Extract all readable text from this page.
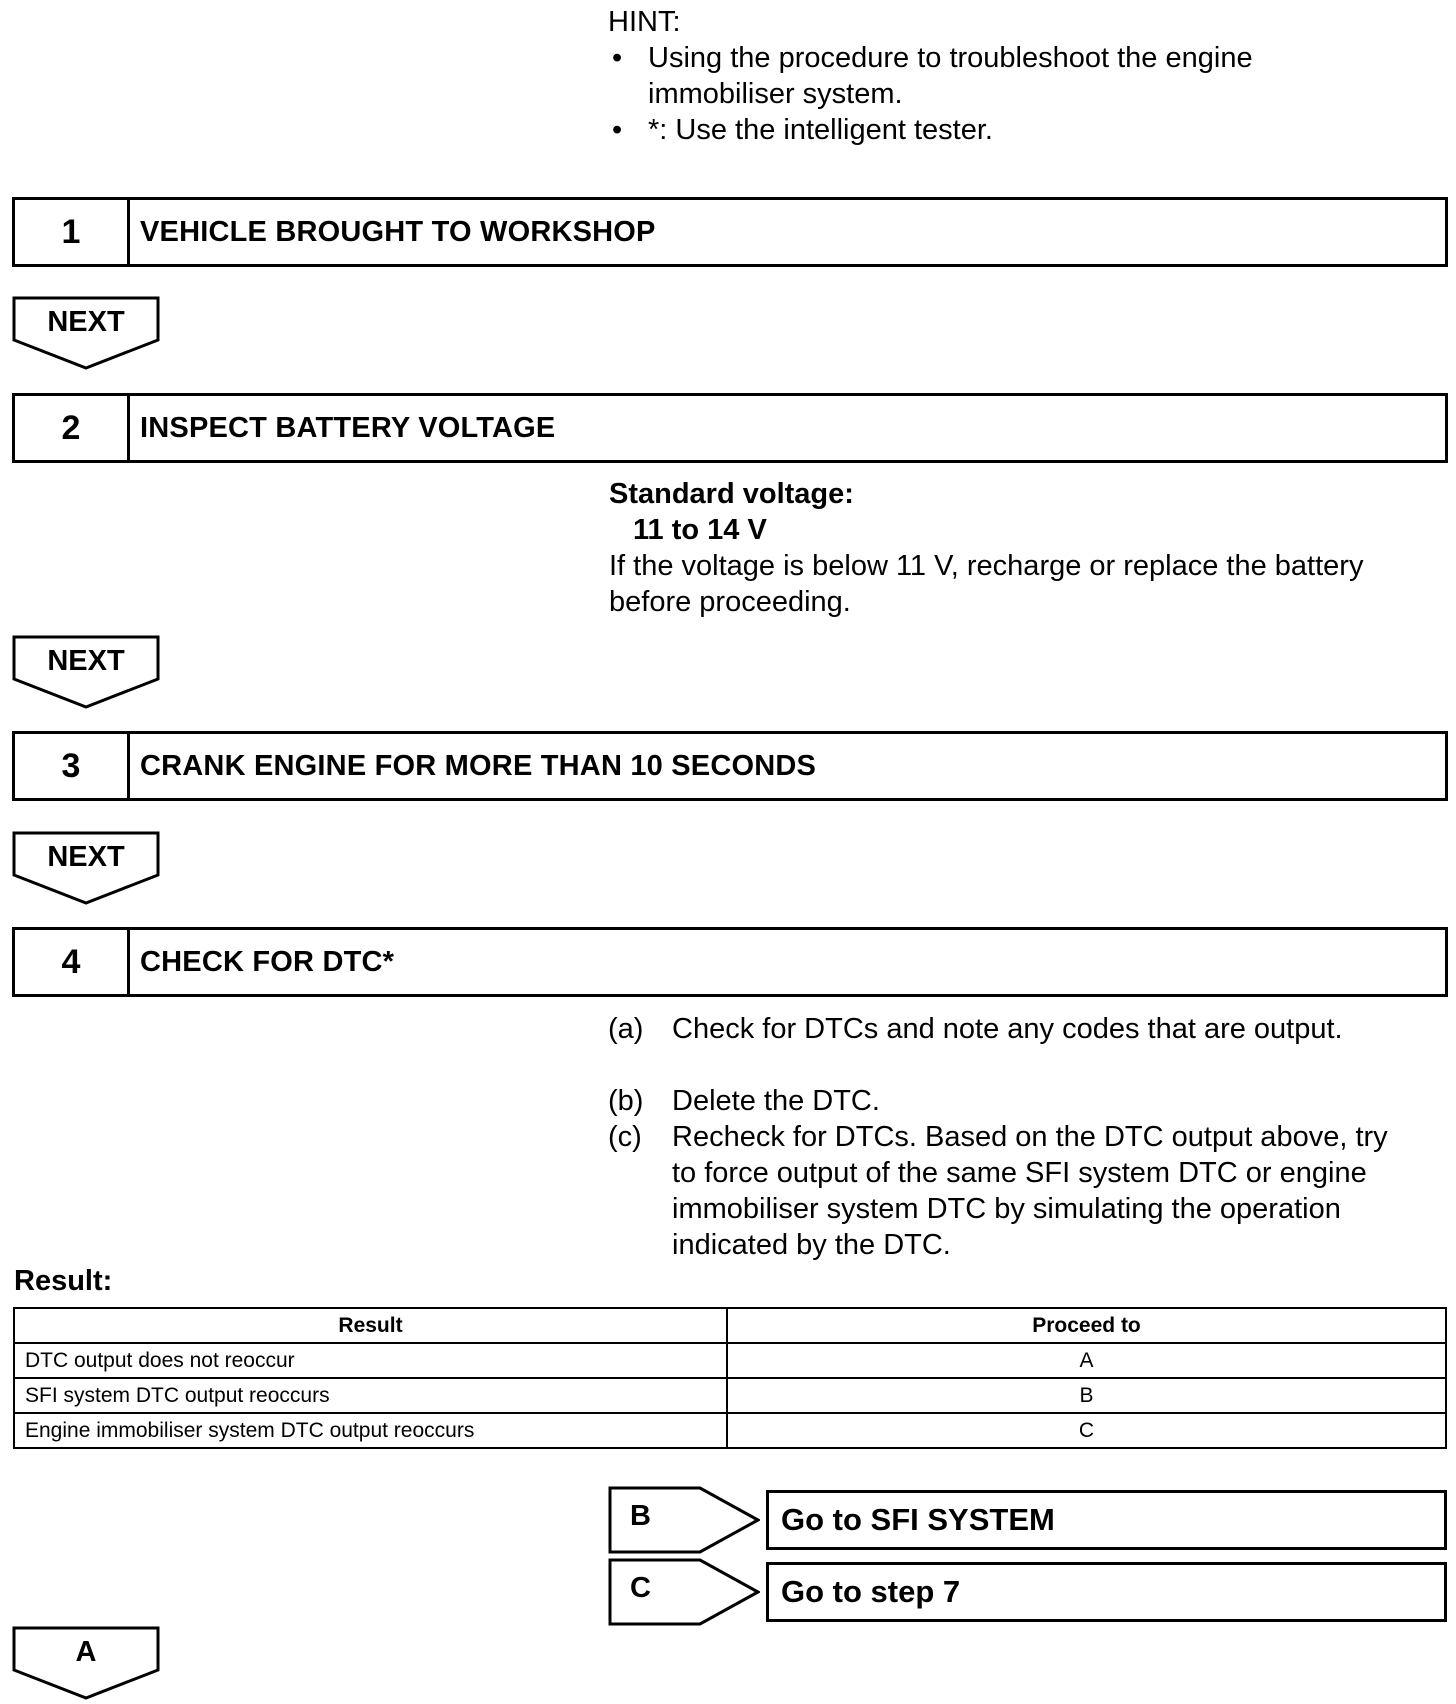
HINT:
• Using the procedure to troubleshoot the engine
immobiliser system.
• *: Use the intelligent tester.
1	VEHICLE BROUGHT TO WORKSHOP
NEXT
2	INSPECT BATTERY VOLTAGE
Standard voltage:
11 to 14 V
If the voltage is below 11 V, recharge or replace the battery
before proceeding.
NEXT
3	CRANK ENGINE FOR MORE THAN 10 SECONDS
NEXT
4	CHECK FOR DTC*
(a) Check for DTCs and note any codes that are output.
(b) Delete the DTC.
(c) Recheck for DTCs. Based on the DTC output above, try
to force output of the same SFI system DTC or engine
immobiliser system DTC by simulating the operation
indicated by the DTC.
Result:
Result	Proceed to
DTC output does not reoccur	A
SFI system DTC output reoccurs	B
Engine immobiliser system DTC output reoccurs	C
B	Go to SFI SYSTEM
C	Go to step 7
A
